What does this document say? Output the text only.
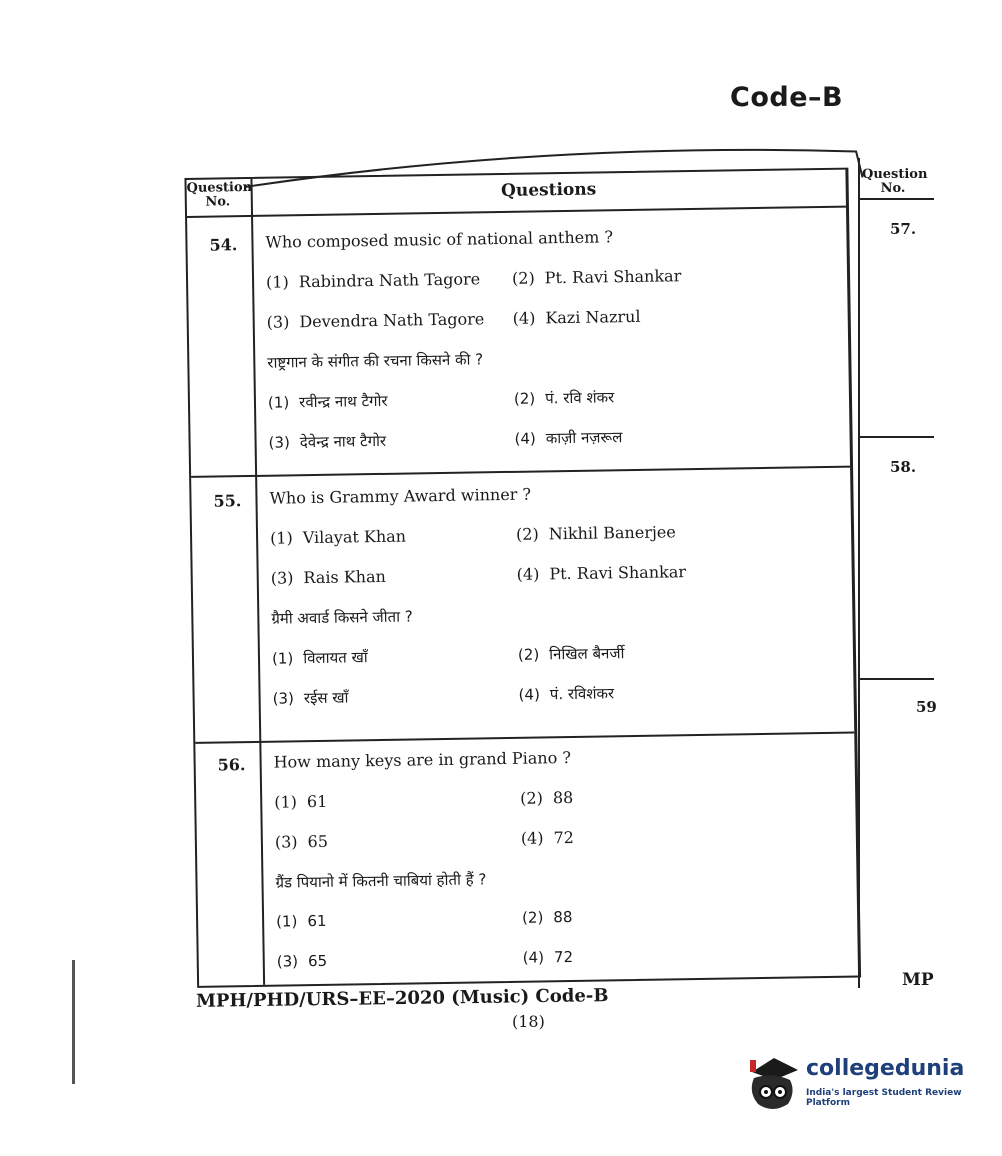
Code–B
Question No.
Questions
54. Who composed music of national anthem ?
(1) Rabindra Nath Tagore (2) Pt. Ravi Shankar
(3) Devendra Nath Tagore (4) Kazi Nazrul
राष्ट्रगान के संगीत की रचना किसने की ?
(1) रवीन्द्र नाथ टैगोर	(2) पं. रवि शंकर
(3) देवेन्द्र नाथ टैगोर	(4) काज़ी नज़रूल
55. Who is Grammy Award winner ?
(1) Vilayat Khan	(2) Nikhil Banerjee
(3) Rais Khan	(4) Pt. Ravi Shankar
ग्रैमी अवार्ड किसने जीता ?
(1) विलायत खाँ	(2) निखिल बैनर्जी
(3) रईस खाँ	(4) पं. रविशंकर
56. How many keys are in grand Piano ?
(1) 61	(2) 88
(3) 65	(4) 72
ग्रैंड पियानो में कितनी चाबियां होती हैं ?
(1) 61	(2) 88
(3) 65	(4) 72
Question No.
57.
58.
59
MP
MPH/PHD/URS–EE–2020 (Music) Code-B
(18)
collegedunia
India's largest Student Review Platform
